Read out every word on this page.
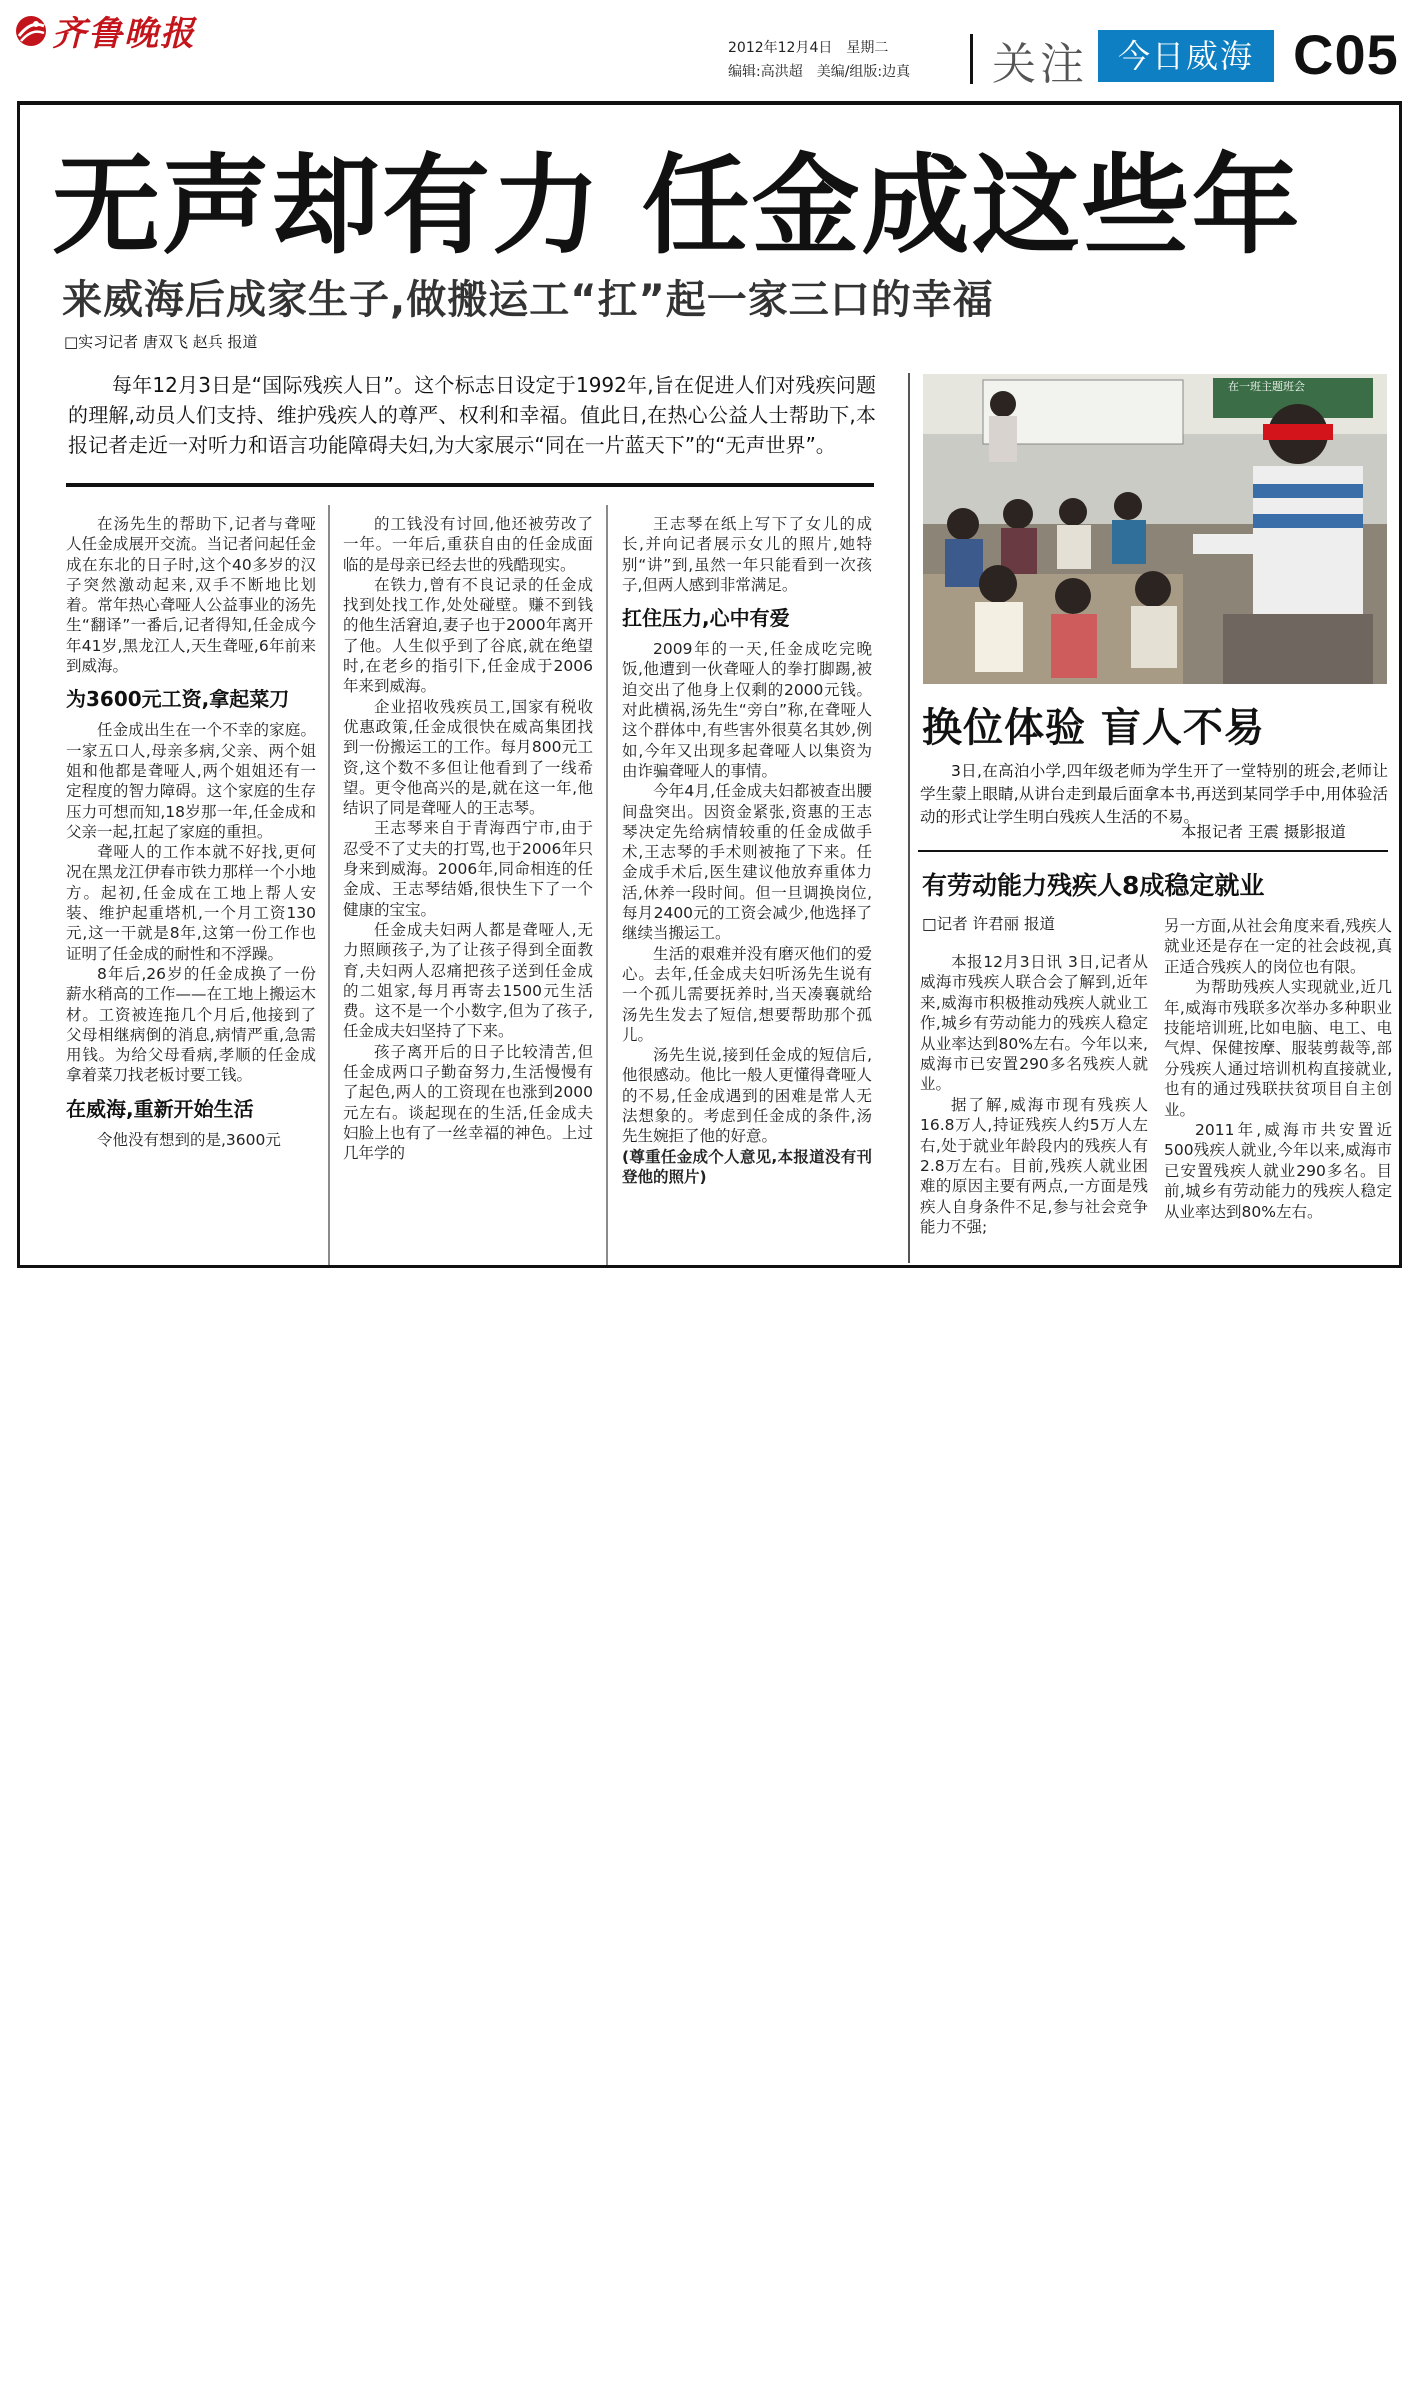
齐鲁晚报	2012年12月4日 星期二
编辑:高洪超 美编/组版:边真 关注 今日威海 C05
无声却有力 任金成这些年
来威海后成家生子,做搬运工“扛”起一家三口的幸福
□实习记者 唐双飞 赵兵 报道

每年12月3日是“国际残疾人日”。这个标志日设定于1992年,旨在促进人们对残疾问题的理解,动员人们支持、维护残疾人的尊严、权利和幸福。值此日,在热心公益人士帮助下,本报记者走近一对听力和语言功能障碍夫妇,为大家展示“同在一片蓝天下”的“无声世界”。

在汤先生的帮助下,记者与聋哑人任金成展开交流。当记者问起任金成在东北的日子时,这个40多岁的汉子突然激动起来,双手不断地比划着。常年热心聋哑人公益事业的汤先生“翻译”一番后,记者得知,任金成今年41岁,黑龙江人,天生聋哑,6年前来到威海。

为3600元工资,拿起菜刀

任金成出生在一个不幸的家庭。一家五口人,母亲多病,父亲、两个姐姐和他都是聋哑人,两个姐姐还有一定程度的智力障碍。这个家庭的生存压力可想而知,18岁那一年,任金成和父亲一起,扛起了家庭的重担。

聋哑人的工作本就不好找,更何况在黑龙江伊春市铁力那样一个小地方。起初,任金成在工地上帮人安装、维护起重塔机,一个月工资130元,这一干就是8年,这第一份工作也证明了任金成的耐性和不浮躁。

8年后,26岁的任金成换了一份薪水稍高的工作——在工地上搬运木材。工资被连拖几个月后,他接到了父母相继病倒的消息,病情严重,急需用钱。为给父母看病,孝顺的任金成拿着菜刀找老板讨要工钱。

在威海,重新开始生活

令他没有想到的是,3600元

的工钱没有讨回,他还被劳改了一年。一年后,重获自由的任金成面临的是母亲已经去世的残酷现实。

在铁力,曾有不良记录的任金成找到处找工作,处处碰壁。赚不到钱的他生活窘迫,妻子也于2000年离开了他。人生似乎到了谷底,就在绝望时,在老乡的指引下,任金成于2006年来到威海。

企业招收残疾员工,国家有税收优惠政策,任金成很快在威高集团找到一份搬运工的工作。每月800元工资,这个数不多但让他看到了一线希望。更令他高兴的是,就在这一年,他结识了同是聋哑人的王志琴。

王志琴来自于青海西宁市,由于忍受不了丈夫的打骂,也于2006年只身来到威海。2006年,同命相连的任金成、王志琴结婚,很快生下了一个健康的宝宝。

任金成夫妇两人都是聋哑人,无力照顾孩子,为了让孩子得到全面教育,夫妇两人忍痛把孩子送到任金成的二姐家,每月再寄去1500元生活费。这不是一个小数字,但为了孩子,任金成夫妇坚持了下来。

孩子离开后的日子比较清苦,但任金成两口子勤奋努力,生活慢慢有了起色,两人的工资现在也涨到2000元左右。谈起现在的生活,任金成夫妇脸上也有了一丝幸福的神色。上过几年学的

王志琴在纸上写下了女儿的成长,并向记者展示女儿的照片,她特别“讲”到,虽然一年只能看到一次孩子,但两人感到非常满足。

扛住压力,心中有爱

2009年的一天,任金成吃完晚饭,他遭到一伙聋哑人的拳打脚踢,被迫交出了他身上仅剩的2000元钱。对此横祸,汤先生“旁白”称,在聋哑人这个群体中,有些害外很莫名其妙,例如,今年又出现多起聋哑人以集资为由诈骗聋哑人的事情。

今年4月,任金成夫妇都被查出腰间盘突出。因资金紧张,资惠的王志琴决定先给病情较重的任金成做手术,王志琴的手术则被拖了下来。任金成手术后,医生建议他放弃重体力活,休养一段时间。但一旦调换岗位,每月2400元的工资会减少,他选择了继续当搬运工。

生活的艰难并没有磨灭他们的爱心。去年,任金成夫妇听汤先生说有一个孤儿需要抚养时,当天凑襄就给汤先生发去了短信,想要帮助那个孤儿。

汤先生说,接到任金成的短信后,他很感动。他比一般人更懂得聋哑人的不易,任金成遇到的困难是常人无法想象的。考虑到任金成的条件,汤先生婉拒了他的好意。

(尊重任金成个人意见,本报道没有刊登他的照片)

在一班主题班会
换位体验 盲人不易

3日,在高泊小学,四年级老师为学生开了一堂特别的班会,老师让学生蒙上眼睛,从讲台走到最后面拿本书,再送到某同学手中,用体验活动的形式让学生明白残疾人生活的不易。

本报记者 王震 摄影报道
有劳动能力残疾人8成稳定就业
□记者 许君丽 报道

本报12月3日讯 3日,记者从威海市残疾人联合会了解到,近年来,威海市积极推动残疾人就业工作,城乡有劳动能力的残疾人稳定从业率达到80%左右。今年以来,威海市已安置290多名残疾人就业。

据了解,威海市现有残疾人16.8万人,持证残疾人约5万人左右,处于就业年龄段内的残疾人有2.8万左右。目前,残疾人就业困难的原因主要有两点,一方面是残疾人自身条件不足,参与社会竞争能力不强;

另一方面,从社会角度来看,残疾人就业还是存在一定的社会歧视,真正适合残疾人的岗位也有限。

为帮助残疾人实现就业,近几年,威海市残联多次举办多种职业技能培训班,比如电脑、电工、电气焊、保健按摩、服装剪裁等,部分残疾人通过培训机构直接就业,也有的通过残联扶贫项目自主创业。

2011年,威海市共安置近500残疾人就业,今年以来,威海市已安置残疾人就业290多名。目前,城乡有劳动能力的残疾人稳定从业率达到80%左右。
